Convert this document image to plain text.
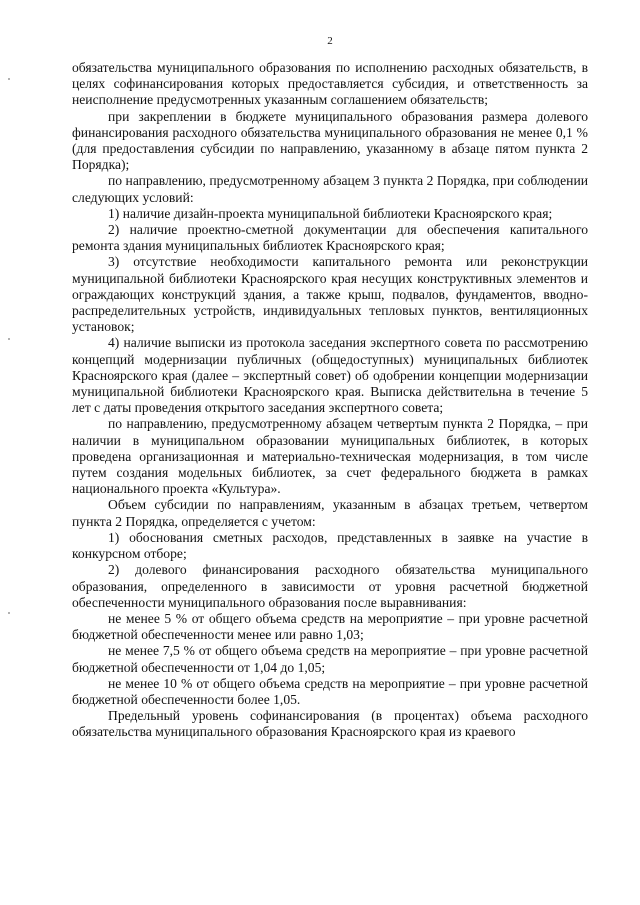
2

обязательства муниципального образования по исполнению расходных обязательств, в целях софинансирования которых предоставляется субсидия, и ответственность за неисполнение предусмотренных указанным соглашением обязательств;

при закреплении в бюджете муниципального образования размера долевого финансирования расходного обязательства муниципального образования не менее 0,1 % (для предоставления субсидии по направлению, указанному в абзаце пятом пункта 2 Порядка);

по направлению, предусмотренному абзацем 3 пункта 2 Порядка, при соблюдении следующих условий:

1) наличие дизайн-проекта муниципальной библиотеки Красноярского края;

2) наличие проектно-сметной документации для обеспечения капитального ремонта здания муниципальных библиотек Красноярского края;

3) отсутствие необходимости капитального ремонта или реконструкции муниципальной библиотеки Красноярского края несущих конструктивных элементов и ограждающих конструкций здания, а также крыш, подвалов, фундаментов, вводно-распределительных устройств, индивидуальных тепловых пунктов, вентиляционных установок;

4) наличие выписки из протокола заседания экспертного совета по рассмотрению концепций модернизации публичных (общедоступных) муниципальных библиотек Красноярского края (далее – экспертный совет) об одобрении концепции модернизации муниципальной библиотеки Красноярского края. Выписка действительна в течение 5 лет с даты проведения открытого заседания экспертного совета;

по направлению, предусмотренному абзацем четвертым пункта 2 Порядка, – при наличии в муниципальном образовании муниципальных библиотек, в которых проведена организационная и материально-техническая модернизация, в том числе путем создания модельных библиотек, за счет федерального бюджета в рамках национального проекта «Культура».

Объем субсидии по направлениям, указанным в абзацах третьем, четвертом пункта 2 Порядка, определяется с учетом:

1) обоснования сметных расходов, представленных в заявке на участие в конкурсном отборе;

2) долевого финансирования расходного обязательства муниципального образования, определенного в зависимости от уровня расчетной бюджетной обеспеченности муниципального образования после выравнивания:

не менее 5 % от общего объема средств на мероприятие – при уровне расчетной бюджетной обеспеченности менее или равно 1,03;

не менее 7,5 % от общего объема средств на мероприятие – при уровне расчетной бюджетной обеспеченности от 1,04 до 1,05;

не менее 10 % от общего объема средств на мероприятие – при уровне расчетной бюджетной обеспеченности более 1,05.

Предельный уровень софинансирования (в процентах) объема расходного обязательства муниципального образования Красноярского края из краевого
